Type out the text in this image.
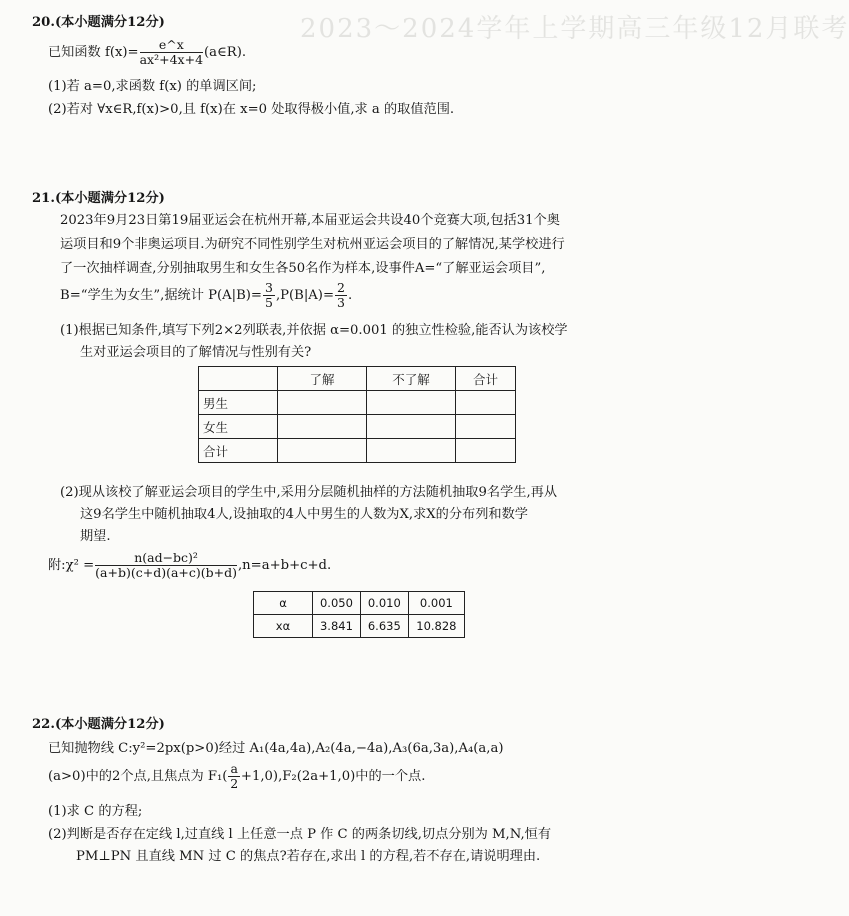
2023～2024学年上学期高三年级12月联考
20.(本小题满分12分)
已知函数 $f(x)= \frac{e\^{}x}{\text{ax²+4x+4}}$ (a∈R).
(1)若 a=0,求函数 f(x) 的单调区间;
(2)若对 ∀x∈R,f(x)>0,且 f(x)在 x=0 处取得极小值,求 a 的取值范围.
21.(本小题满分12分)
2023年9月23日第19届亚运会在杭州开幕,本届亚运会共设40个竞赛大项,包括31个奥
运项目和9个非奥运项目.为研究不同性别学生对杭州亚运会项目的了解情况,某学校进行
了一次抽样调查,分别抽取男生和女生各50名作为样本,设事件A=“了解亚运会项目”,
B=“学生为女生”,据统计 $P(A|B)= \frac{3}{5} ,P(B|A)= \frac{2}{3}$ .
(1)根据已知条件,填写下列2×2列联表,并依据 α=0.001 的独立性检验,能否认为该校学
生对亚运会项目的了解情况与性别有关?
	了解	不了解	合计
男生			
女生			
合计			
(2)现从该校了解亚运会项目的学生中,采用分层随机抽样的方法随机抽取9名学生,再从
这9名学生中随机抽取4人,设抽取的4人中男生的人数为X,求X的分布列和数学
期望.
附:χ² = $\frac{\text{n(ad−bc)²}}{(a+b)(c+d)(a+c)(b+d)} ,n=a+b+c+d$.
α	0.050	0.010	0.001
xα	3.841	6.635	10.828
22.(本小题满分12分)
已知抛物线 C:y²=2px(p>0)经过 A₁(4a,4a),A₂(4a,−4a),A₃(6a,3a),A₄(a,a)
(a>0)中的2个点,且焦点为 $F_1( \frac{a}{2} +1,0),F_2(2a+1,0)$中的一个点.
(1)求 C 的方程;
(2)判断是否存在定线 l,过直线 l 上任意一点 P 作 C 的两条切线,切点分别为 M,N,恒有
PM⊥PN 且直线 MN 过 C 的焦点?若存在,求出 l 的方程,若不存在,请说明理由.
